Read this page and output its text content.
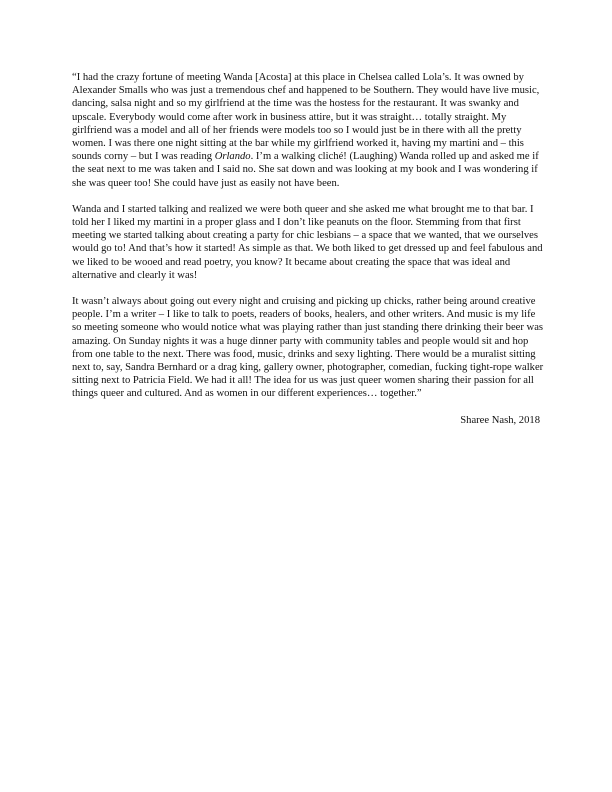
“I had the crazy fortune of meeting Wanda [Acosta] at this place in Chelsea called Lola’s. It was owned by Alexander Smalls who was just a tremendous chef and happened to be Southern. They would have live music, dancing, salsa night and so my girlfriend at the time was the hostess for the restaurant. It was swanky and upscale. Everybody would come after work in business attire, but it was straight… totally straight. My girlfriend was a model and all of her friends were models too so I would just be in there with all the pretty women. I was there one night sitting at the bar while my girlfriend worked it, having my martini and – this sounds corny – but I was reading Orlando. I’m a walking cliché! (Laughing) Wanda rolled up and asked me if the seat next to me was taken and I said no. She sat down and was looking at my book and I was wondering if she was queer too! She could have just as easily not have been.

Wanda and I started talking and realized we were both queer and she asked me what brought me to that bar. I told her I liked my martini in a proper glass and I don’t like peanuts on the floor. Stemming from that first meeting we started talking about creating a party for chic lesbians – a space that we wanted, that we ourselves would go to! And that’s how it started! As simple as that. We both liked to get dressed up and feel fabulous and we liked to be wooed and read poetry, you know? It became about creating the space that was ideal and alternative and clearly it was!

It wasn’t always about going out every night and cruising and picking up chicks, rather being around creative people. I’m a writer – I like to talk to poets, readers of books, healers, and other writers. And music is my life so meeting someone who would notice what was playing rather than just standing there drinking their beer was amazing. On Sunday nights it was a huge dinner party with community tables and people would sit and hop from one table to the next. There was food, music, drinks and sexy lighting. There would be a muralist sitting next to, say, Sandra Bernhard or a drag king, gallery owner, photographer, comedian, fucking tight-rope walker sitting next to Patricia Field. We had it all! The idea for us was just queer women sharing their passion for all things queer and cultured. And as women in our different experiences… together.”

Sharee Nash, 2018
